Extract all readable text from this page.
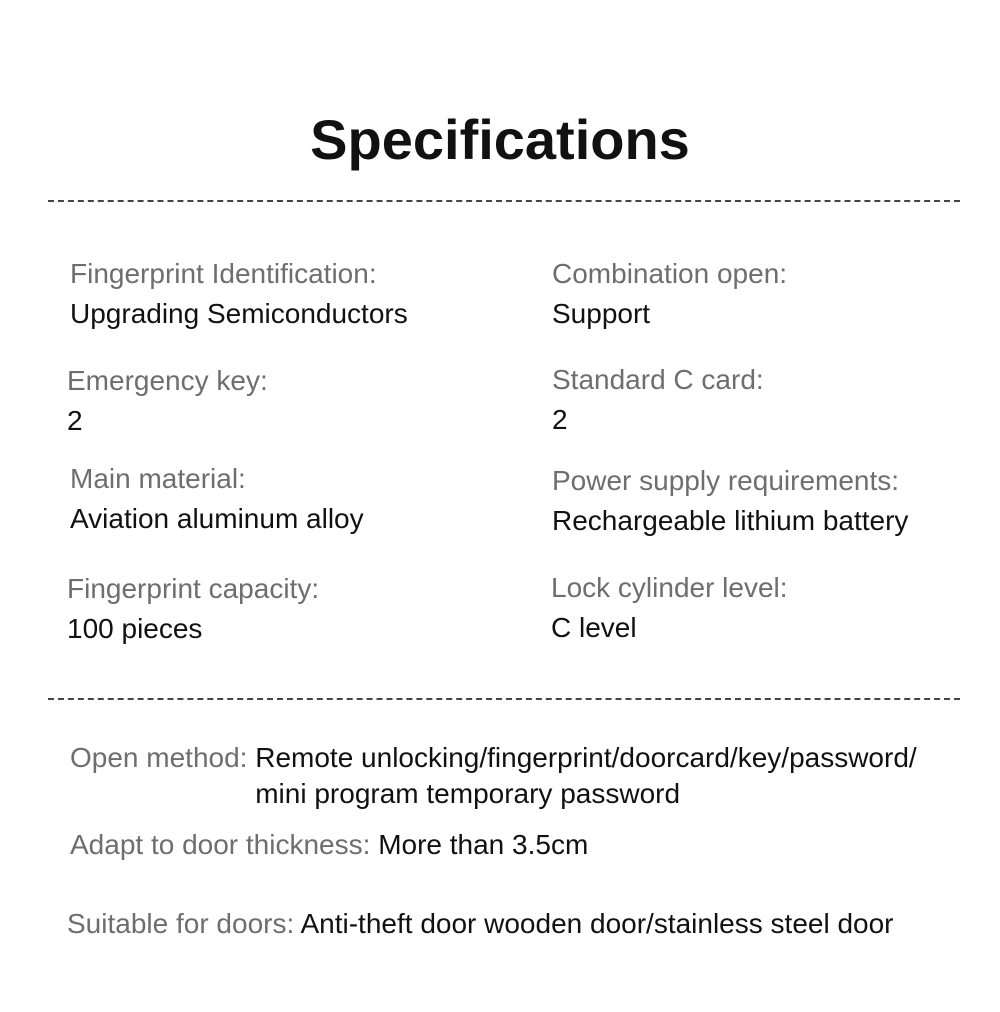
Specifications
Fingerprint Identification:
Upgrading Semiconductors
Combination open:
Support
Emergency key:
2
Standard C card:
2
Main material:
Aviation aluminum alloy
Power supply requirements:
Rechargeable lithium battery
Fingerprint capacity:
100 pieces
Lock cylinder level:
C level
Open method: Remote unlocking/fingerprint/doorcard/key/password/
mini program temporary password
Adapt to door thickness: More than 3.5cm
Suitable for doors: Anti-theft door wooden door/stainless steel door
